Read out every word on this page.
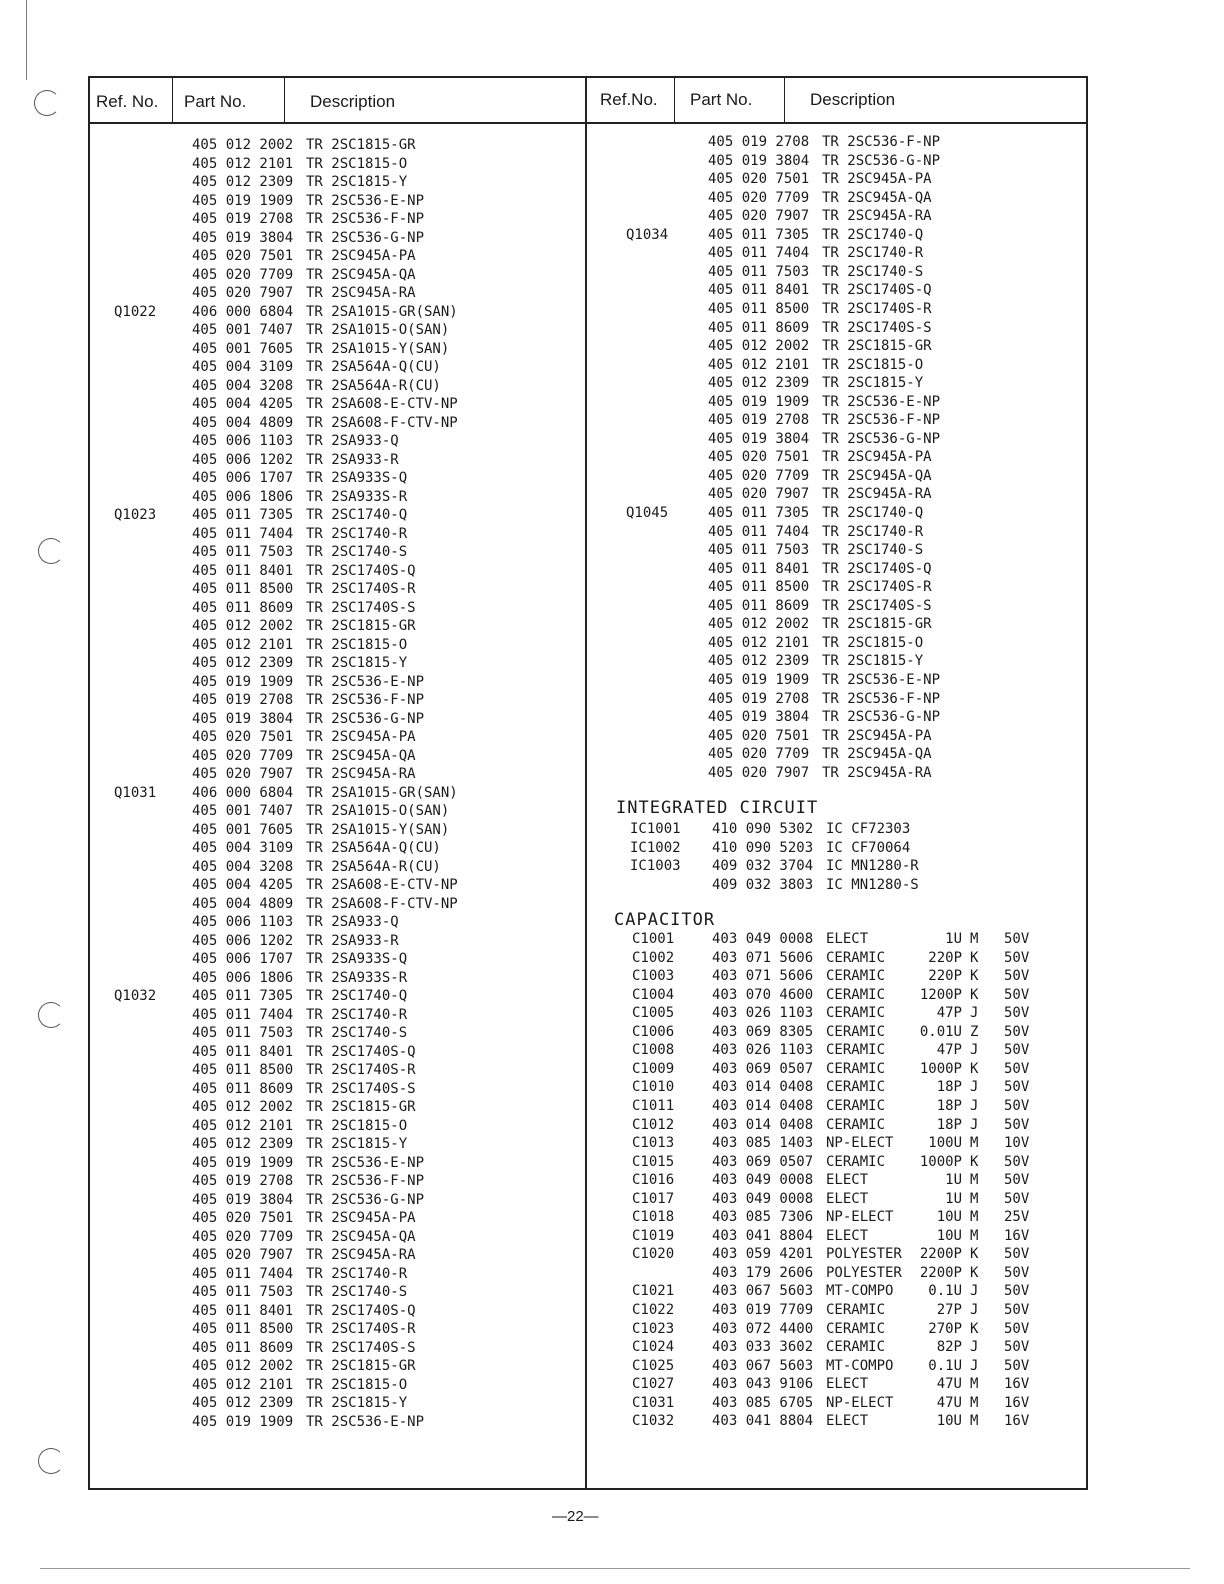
Ref. No. Part No.	Description	Ref.No. Part No.	Description
405 012 2002 TR 2SC1815-GR
405 012 2101 TR 2SC1815-O
405 012 2309 TR 2SC1815-Y
405 019 1909 TR 2SC536-E-NP
405 019 2708 TR 2SC536-F-NP
405 019 3804 TR 2SC536-G-NP
405 020 7501 TR 2SC945A-PA
405 020 7709 TR 2SC945A-QA
405 020 7907 TR 2SC945A-RA
Q1022	406 000 6804 TR 2SA1015-GR(SAN)
405 001 7407 TR 2SA1015-O(SAN)
405 001 7605 TR 2SA1015-Y(SAN)
405 004 3109 TR 2SA564A-Q(CU)
405 004 3208 TR 2SA564A-R(CU)
405 004 4205 TR 2SA608-E-CTV-NP
405 004 4809 TR 2SA608-F-CTV-NP
405 006 1103 TR 2SA933-Q
405 006 1202 TR 2SA933-R
405 006 1707 TR 2SA933S-Q
405 006 1806 TR 2SA933S-R
Q1023	405 011 7305 TR 2SC1740-Q
405 011 7404 TR 2SC1740-R
405 011 7503 TR 2SC1740-S
405 011 8401 TR 2SC1740S-Q
405 011 8500 TR 2SC1740S-R
405 011 8609 TR 2SC1740S-S
405 012 2002 TR 2SC1815-GR
405 012 2101 TR 2SC1815-O
405 012 2309 TR 2SC1815-Y
405 019 1909 TR 2SC536-E-NP
405 019 2708 TR 2SC536-F-NP
405 019 3804 TR 2SC536-G-NP
405 020 7501 TR 2SC945A-PA
405 020 7709 TR 2SC945A-QA
405 020 7907 TR 2SC945A-RA
Q1031	406 000 6804 TR 2SA1015-GR(SAN)
405 001 7407 TR 2SA1015-O(SAN)
405 001 7605 TR 2SA1015-Y(SAN)
405 004 3109 TR 2SA564A-Q(CU)
405 004 3208 TR 2SA564A-R(CU)
405 004 4205 TR 2SA608-E-CTV-NP
405 004 4809 TR 2SA608-F-CTV-NP
405 006 1103 TR 2SA933-Q
405 006 1202 TR 2SA933-R
405 006 1707 TR 2SA933S-Q
405 006 1806 TR 2SA933S-R
Q1032	405 011 7305 TR 2SC1740-Q
405 011 7404 TR 2SC1740-R
405 011 7503 TR 2SC1740-S
405 011 8401 TR 2SC1740S-Q
405 011 8500 TR 2SC1740S-R
405 011 8609 TR 2SC1740S-S
405 012 2002 TR 2SC1815-GR
405 012 2101 TR 2SC1815-O
405 012 2309 TR 2SC1815-Y
405 019 1909 TR 2SC536-E-NP
405 019 2708 TR 2SC536-F-NP
405 019 3804 TR 2SC536-G-NP
405 020 7501 TR 2SC945A-PA
405 020 7709 TR 2SC945A-QA
405 020 7907 TR 2SC945A-RA
405 011 7404 TR 2SC1740-R
405 011 7503 TR 2SC1740-S
405 011 8401 TR 2SC1740S-Q
405 011 8500 TR 2SC1740S-R
405 011 8609 TR 2SC1740S-S
405 012 2002 TR 2SC1815-GR
405 012 2101 TR 2SC1815-O
405 012 2309 TR 2SC1815-Y
405 019 1909 TR 2SC536-E-NP
405 019 2708 TR 2SC536-F-NP
405 019 3804 TR 2SC536-G-NP
405 020 7501 TR 2SC945A-PA
405 020 7709 TR 2SC945A-QA
405 020 7907 TR 2SC945A-RA
Q1034	405 011 7305 TR 2SC1740-Q
405 011 7404 TR 2SC1740-R
405 011 7503 TR 2SC1740-S
405 011 8401 TR 2SC1740S-Q
405 011 8500 TR 2SC1740S-R
405 011 8609 TR 2SC1740S-S
405 012 2002 TR 2SC1815-GR
405 012 2101 TR 2SC1815-O
405 012 2309 TR 2SC1815-Y
405 019 1909 TR 2SC536-E-NP
405 019 2708 TR 2SC536-F-NP
405 019 3804 TR 2SC536-G-NP
405 020 7501 TR 2SC945A-PA
405 020 7709 TR 2SC945A-QA
405 020 7907 TR 2SC945A-RA
Q1045	405 011 7305 TR 2SC1740-Q
405 011 7404 TR 2SC1740-R
405 011 7503 TR 2SC1740-S
405 011 8401 TR 2SC1740S-Q
405 011 8500 TR 2SC1740S-R
405 011 8609 TR 2SC1740S-S
405 012 2002 TR 2SC1815-GR
405 012 2101 TR 2SC1815-O
405 012 2309 TR 2SC1815-Y
405 019 1909 TR 2SC536-E-NP
405 019 2708 TR 2SC536-F-NP
405 019 3804 TR 2SC536-G-NP
405 020 7501 TR 2SC945A-PA
405 020 7709 TR 2SC945A-QA
405 020 7907 TR 2SC945A-RA
INTEGRATED CIRCUIT
IC1001 410 090 5302 IC CF72303
IC1002 410 090 5203 IC CF70064
IC1003 409 032 3704 IC MN1280-R
409 032 3803 IC MN1280-S
CAPACITOR
C1001	403 049 0008 ELECT	1U M 50V
C1002	403 071 5606 CERAMIC	220P K 50V
C1003	403 071 5606 CERAMIC	220P K 50V
C1004	403 070 4600 CERAMIC	1200P K 50V
C1005	403 026 1103 CERAMIC	47P J 50V
C1006	403 069 8305 CERAMIC	0.01U Z 50V
C1008	403 026 1103 CERAMIC	47P J 50V
C1009	403 069 0507 CERAMIC	1000P K 50V
C1010	403 014 0408 CERAMIC	18P J 50V
C1011	403 014 0408 CERAMIC	18P J 50V
C1012	403 014 0408 CERAMIC	18P J 50V
C1013	403 085 1403 NP-ELECT	100U M 10V
C1015	403 069 0507 CERAMIC	1000P K 50V
C1016	403 049 0008 ELECT	1U M 50V
C1017	403 049 0008 ELECT	1U M 50V
C1018	403 085 7306 NP-ELECT	10U M 25V
C1019	403 041 8804 ELECT	10U M 16V
C1020	403 059 4201 POLYESTER	2200P K 50V
403 179 2606 POLYESTER	2200P K 50V
C1021	403 067 5603 MT-COMPO	0.1U J 50V
C1022	403 019 7709 CERAMIC	27P J 50V
C1023	403 072 4400 CERAMIC	270P K 50V
C1024	403 033 3602 CERAMIC	82P J 50V
C1025	403 067 5603 MT-COMPO	0.1U J 50V
C1027	403 043 9106 ELECT	47U M 16V
C1031	403 085 6705 NP-ELECT	47U M 16V
C1032	403 041 8804 ELECT	10U M 16V
—22—
